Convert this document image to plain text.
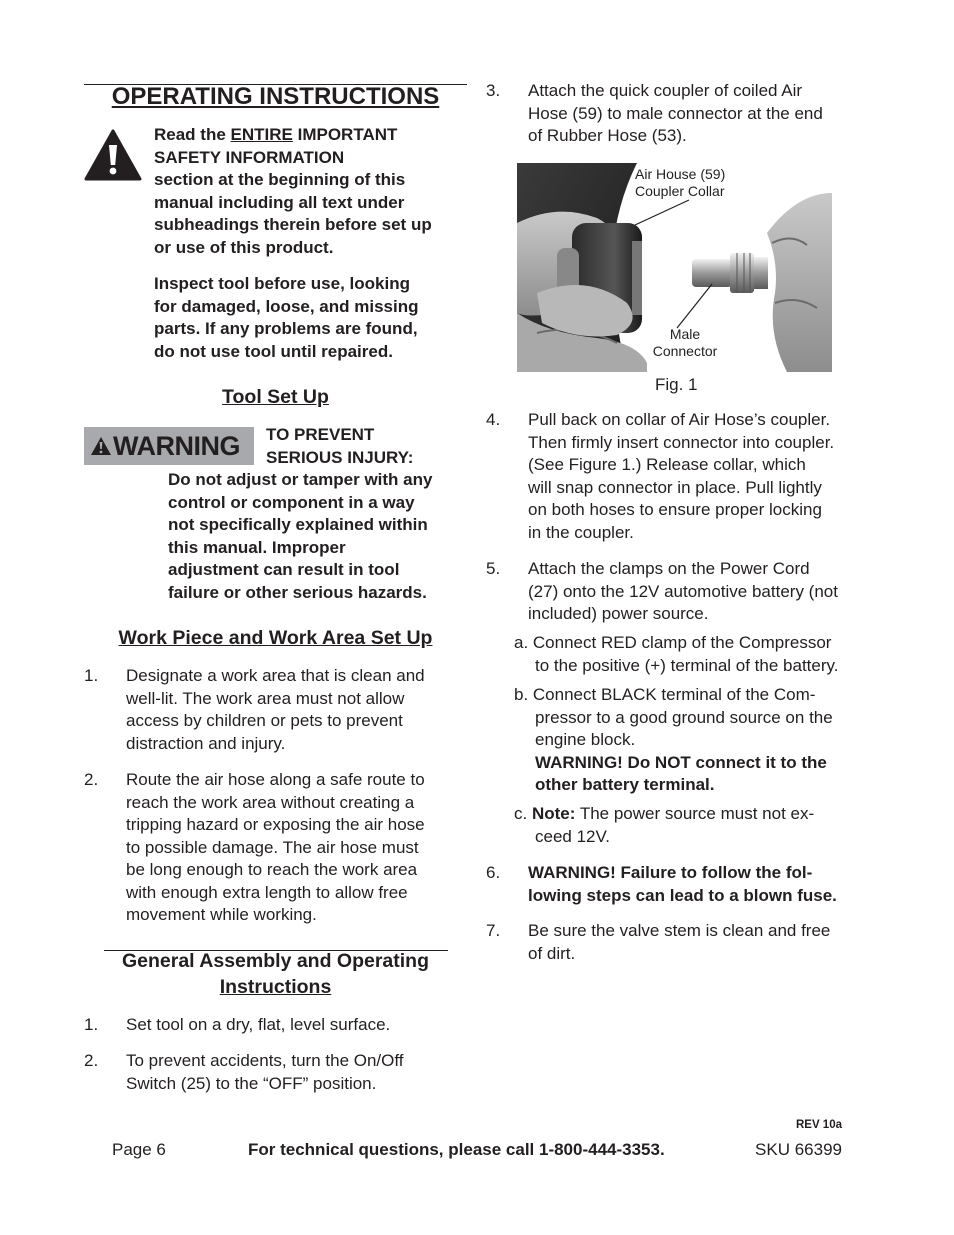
OPERATING INSTRUCTIONS
Read the ENTIRE IMPORTANT
SAFETY INFORMATION
section at the beginning of this
manual including all text under
subheadings therein before set up
or use of this product.
Inspect tool before use, looking
for damaged, loose, and missing
parts. If any problems are found,
do not use tool until repaired.
Tool Set Up
WARNING TO PREVENT
SERIOUS INJURY:
Do not adjust or tamper with any
control or component in a way
not specifically explained within
this manual. Improper
adjustment can result in tool
failure or other serious hazards.
Work Piece and Work Area Set Up
1. Designate a work area that is clean and
well-lit. The work area must not allow
access by children or pets to prevent
distraction and injury.
2. Route the air hose along a safe route to
reach the work area without creating a
tripping hazard or exposing the air hose
to possible damage. The air hose must
be long enough to reach the work area
with enough extra length to allow free
movement while working.
General Assembly and Operating
Instructions
1. Set tool on a dry, flat, level surface.
2. To prevent accidents, turn the On/Off
Switch (25) to the “OFF” position.
3. Attach the quick coupler of coiled Air
Hose (59) to male connector at the end
of Rubber Hose (53).
Air House (59)
Coupler Collar
Male
Connector
Fig. 1
4. Pull back on collar of Air Hose’s coupler.
Then firmly insert connector into coupler.
(See Figure 1.) Release collar, which
will snap connector in place. Pull lightly
on both hoses to ensure proper locking
in the coupler.
5. Attach the clamps on the Power Cord
(27) onto the 12V automotive battery (not
included) power source.
a. Connect RED clamp of the Compressor
to the positive (+) terminal of the battery.
b. Connect BLACK terminal of the Com-
pressor to a good ground source on the
engine block.
WARNING! Do NOT connect it to the
other battery terminal.
c. Note: The power source must not ex-
ceed 12V.
6. WARNING! Failure to follow the fol-
lowing steps can lead to a blown fuse.
7. Be sure the valve stem is clean and free
of dirt.
REV 10a
Page 6	For technical questions, please call 1-800-444-3353.	SKU 66399
